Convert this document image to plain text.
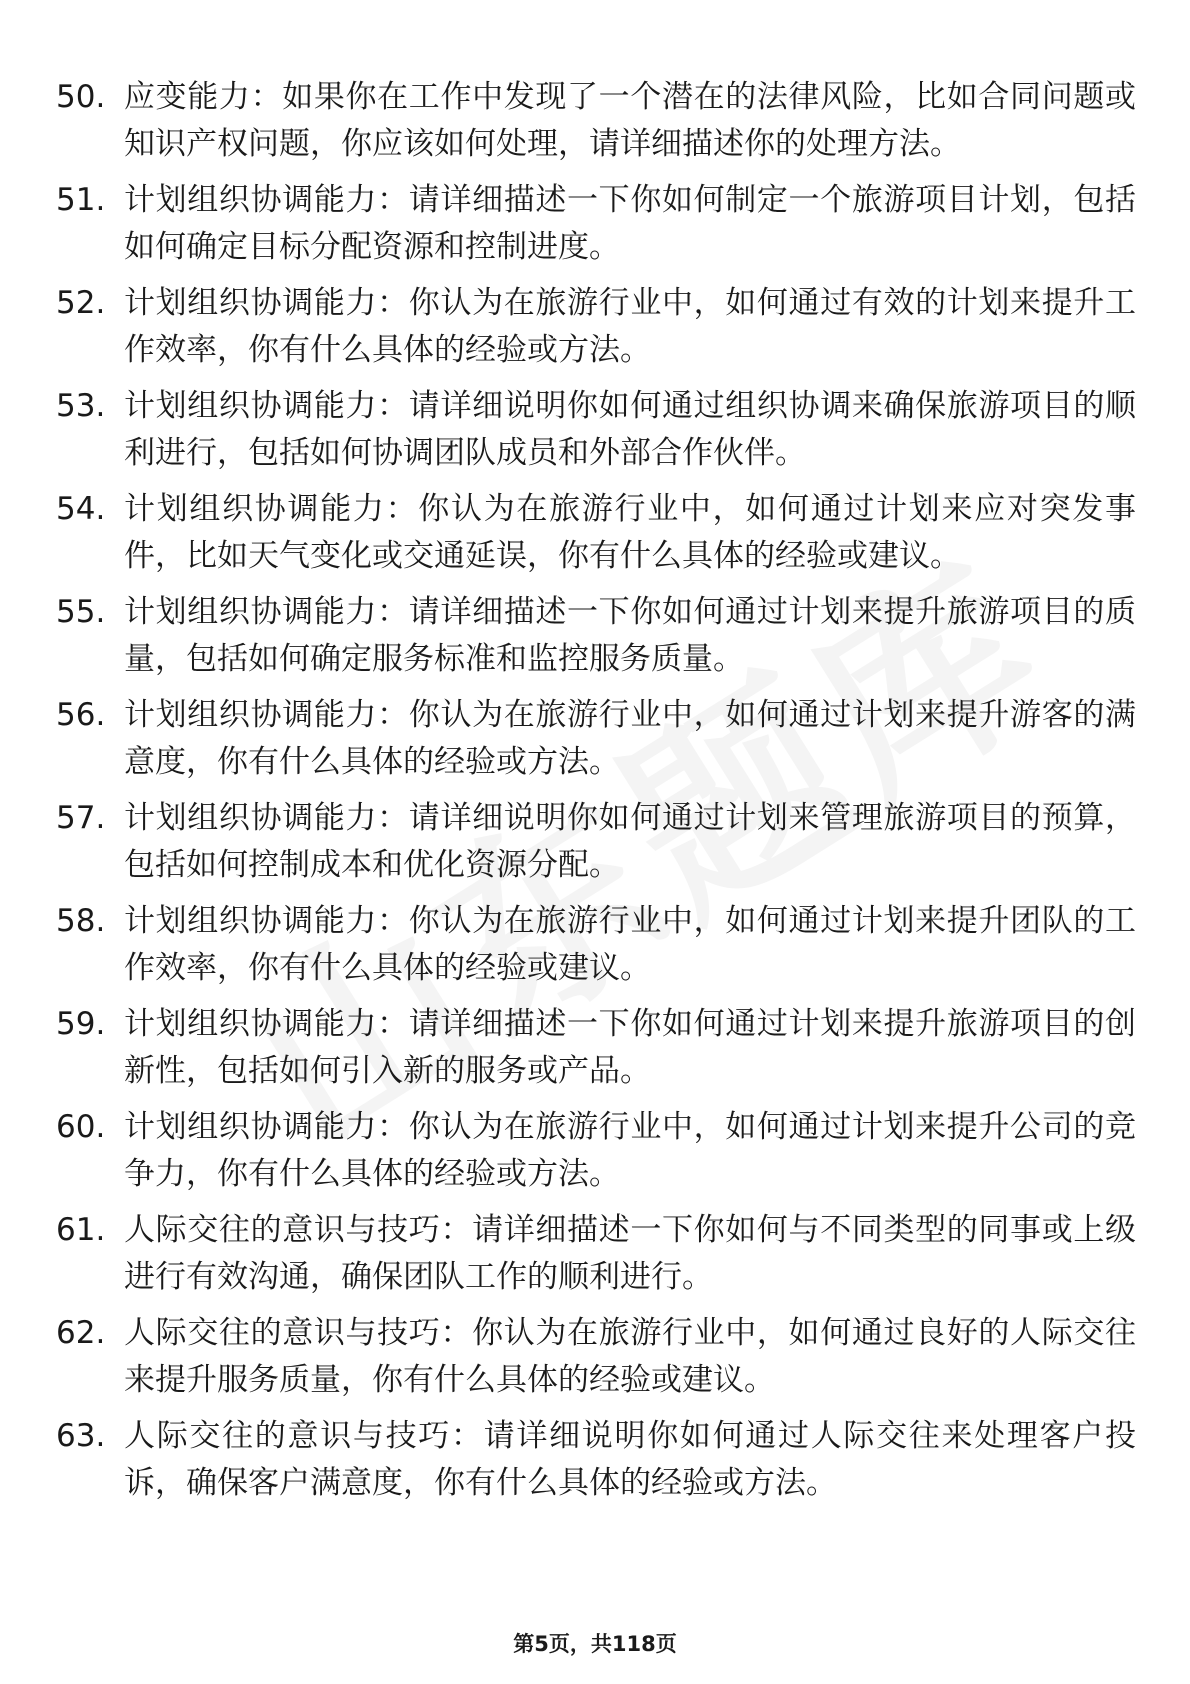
50. 应变能力：如果你在工作中发现了一个潜在的法律风险，比如合同问题或知识产权问题，你应该如何处理，请详细描述你的处理方法。
51. 计划组织协调能力：请详细描述一下你如何制定一个旅游项目计划，包括如何确定目标分配资源和控制进度。
52. 计划组织协调能力：你认为在旅游行业中，如何通过有效的计划来提升工作效率，你有什么具体的经验或方法。
53. 计划组织协调能力：请详细说明你如何通过组织协调来确保旅游项目的顺利进行，包括如何协调团队成员和外部合作伙伴。
54. 计划组织协调能力：你认为在旅游行业中，如何通过计划来应对突发事件，比如天气变化或交通延误，你有什么具体的经验或建议。
55. 计划组织协调能力：请详细描述一下你如何通过计划来提升旅游项目的质量，包括如何确定服务标准和监控服务质量。
56. 计划组织协调能力：你认为在旅游行业中，如何通过计划来提升游客的满意度，你有什么具体的经验或方法。
57. 计划组织协调能力：请详细说明你如何通过计划来管理旅游项目的预算，包括如何控制成本和优化资源分配。
58. 计划组织协调能力：你认为在旅游行业中，如何通过计划来提升团队的工作效率，你有什么具体的经验或建议。
59. 计划组织协调能力：请详细描述一下你如何通过计划来提升旅游项目的创新性，包括如何引入新的服务或产品。
60. 计划组织协调能力：你认为在旅游行业中，如何通过计划来提升公司的竞争力，你有什么具体的经验或方法。
61. 人际交往的意识与技巧：请详细描述一下你如何与不同类型的同事或上级进行有效沟通，确保团队工作的顺利进行。
62. 人际交往的意识与技巧：你认为在旅游行业中，如何通过良好的人际交往来提升服务质量，你有什么具体的经验或建议。
63. 人际交往的意识与技巧：请详细说明你如何通过人际交往来处理客户投诉，确保客户满意度，你有什么具体的经验或方法。
第5页，共118页
